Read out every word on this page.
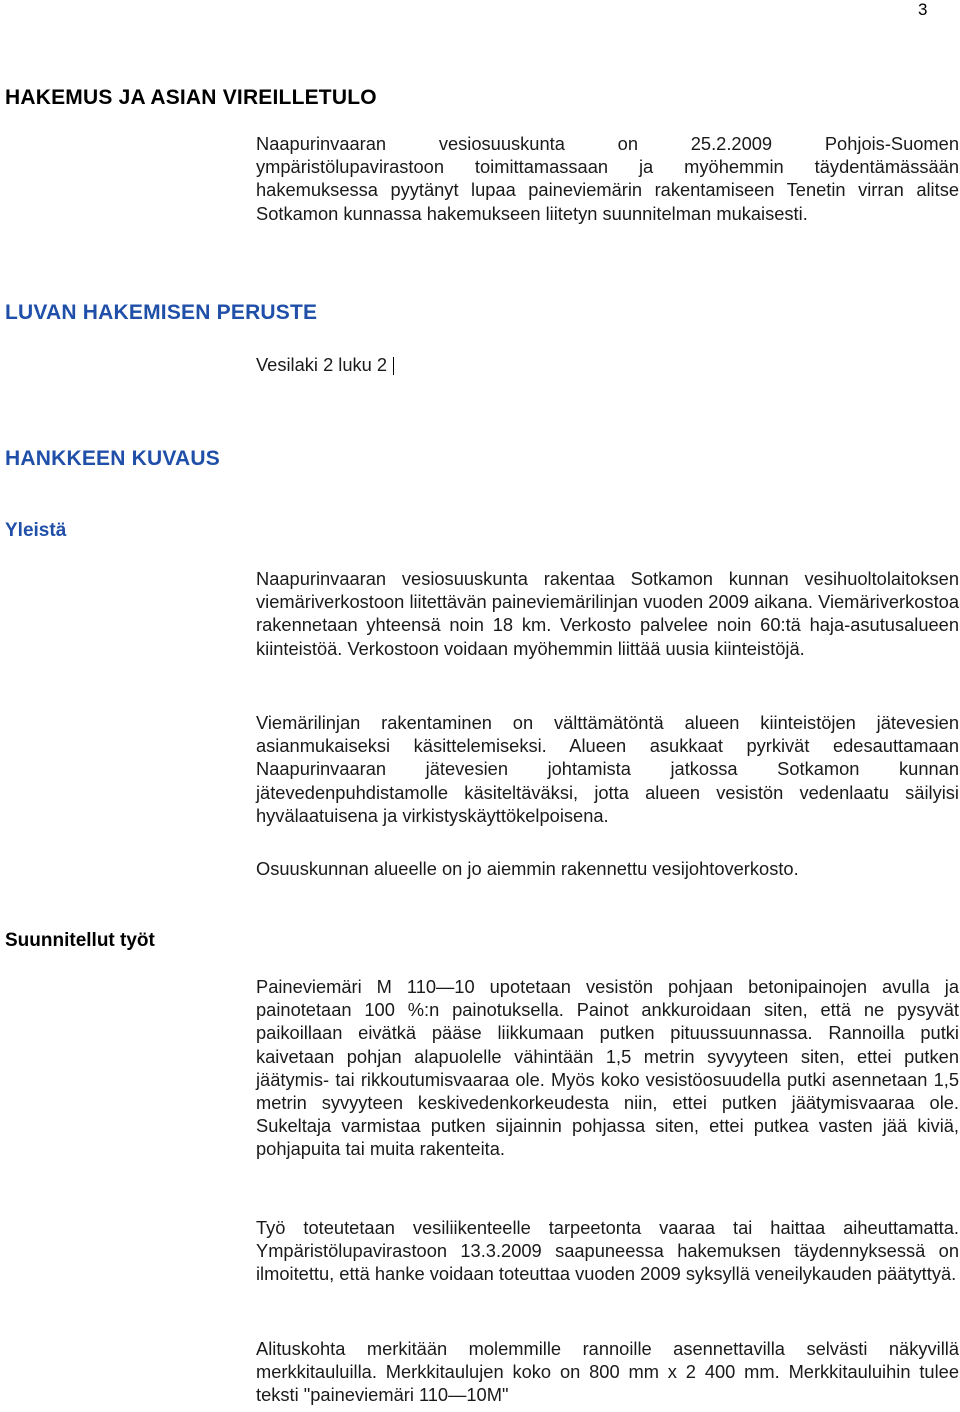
3
HAKEMUS JA ASIAN VIREILLETULO

Naapurinvaaran vesiosuuskunta on 25.2.2009 Pohjois-Suomen ympäristölupavirastoon toimittamassaan ja myöhemmin täydentämässään hakemuksessa pyytänyt lupaa paineviemärin rakentamiseen Tenetin virran alitse Sotkamon kunnassa hakemukseen liitetyn suunnitelman mukaisesti.

LUVAN HAKEMISEN PERUSTE

Vesilaki 2 luku 2

HANKKEEN KUVAUS
Yleistä

Naapurinvaaran vesiosuuskunta rakentaa Sotkamon kunnan vesihuoltolaitoksen viemäriverkostoon liitettävän paineviemärilinjan vuoden 2009 aikana. Viemäriverkostoa rakennetaan yhteensä noin 18 km. Verkosto palvelee noin 60:tä haja-asutusalueen kiinteistöä. Verkostoon voidaan myöhemmin liittää uusia kiinteistöjä.

Viemärilinjan rakentaminen on välttämätöntä alueen kiinteistöjen jätevesien asianmukaiseksi käsittelemiseksi. Alueen asukkaat pyrkivät edesauttamaan Naapurinvaaran jätevesien johtamista jatkossa Sotkamon kunnan jätevedenpuhdistamolle käsiteltäväksi, jotta alueen vesistön vedenlaatu säilyisi hyvälaatuisena ja virkistyskäyttökelpoisena.

Osuuskunnan alueelle on jo aiemmin rakennettu vesijohtoverkosto.

Suunnitellut työt

Paineviemäri M 110—10 upotetaan vesistön pohjaan betonipainojen avulla ja painotetaan 100 %:n painotuksella. Painot ankkuroidaan siten, että ne pysyvät paikoillaan eivätkä pääse liikkumaan putken pituussuunnassa. Rannoilla putki kaivetaan pohjan alapuolelle vähintään 1,5 metrin syvyyteen siten, ettei putken jäätymis- tai rikkoutumisvaaraa ole. Myös koko vesistöosuudella putki asennetaan 1,5 metrin syvyyteen keskivedenkorkeudesta niin, ettei putken jäätymisvaaraa ole. Sukeltaja varmistaa putken sijainnin pohjassa siten, ettei putkea vasten jää kiviä, pohjapuita tai muita rakenteita.

Työ toteutetaan vesiliikenteelle tarpeetonta vaaraa tai haittaa aiheuttamatta. Ympäristölupavirastoon 13.3.2009 saapuneessa hakemuksen täydennyksessä on ilmoitettu, että hanke voidaan toteuttaa vuoden 2009 syksyllä veneilykauden päätyttyä.

Alituskohta merkitään molemmille rannoille asennettavilla selvästi näkyvillä merkkitauluilla. Merkkitaulujen koko on 800 mm x 2 400 mm. Merkkitauluihin tulee teksti "paineviemäri 110—10M"
